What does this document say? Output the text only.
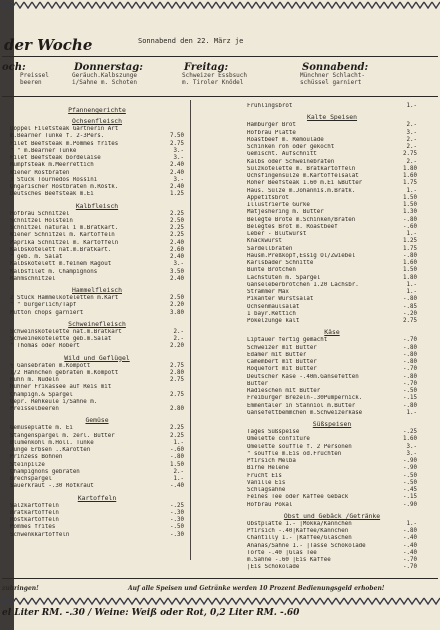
der Woche	Sonnabend den 22. März je
och:
Preissel
beeren
Donnerstag:
Geräuch.Kalbszunge
i/Sahne m. Schoten
Freitag:
Schweizer Essbsuch
m. Tiroler Knödel
Sonnabend:
Münchner Schlacht-
schüssel garniert
Pfannengerichte
Ochsenfleisch
Doppel Filetsteak Gärtnerin Art
m.Bearner Tunke f. 2-3Pers.	7.50
Filet Beefsteak m.Pommes frites	2.75
" " m.Bearner Tunke	3.-
Filet Beefsteak bordelaise	3.-
Rumpfsteak m.Meerrettich	2.40
Wiener Rostbraten	2.40
3 Stück Tournedos Rossini	3.-
Ungarischer Rostbraten m.Röstk.	2.40
Deutsches Beefsteak m.Ei	1.25
Kalbfleisch
Hofbräu Schnitzel	2.25
Schnitzel Holstein	2.50
Schnitzel natural i m.Bratkart.	2.25
Wiener Schnitzel m. Kartoffeln	2.25
Paprika Schnitzel m. Kartoffeln	2.40
Kalbskotelett nat.m.Bratkart.	2.60
" geb. m. Salat	2.40
Kalbskotelett m.feinem Ragout	3.-
Kalbsfilet m. Champignons	3.50
Rahmschnitzel	2.40
Hammelfleisch
2 Stück Hammelkoteletten m.Kart	2.50
" " bürgerlich/Tapf	2.20
Mutton chops garniert	3.80
Schweinefleisch
Schweinskotelette nat.m.Bratkart	2.-
Schweinekotelette geb.m.Salat	2.-
" Thomas oder Robert	2.20
Wild und Geflügel
½ Gänsebraten m.Kompott	2.75
1/2 Hähnchen gebraten m.Kompott	2.80
Huhn m. Nudeln	2.75
Hühner Frikassee auf Reis mit
Champign.& Spargel	2.75
Gepr. Rehkeule i/Sahne m.
Preisselbeeren	2.80
Gemüse
Gemüseplatte m. Ei	2.25
Stangenspargel m. zerl. Butter	2.25
Blumenkohl m.Holl. Tunke	1.-
Junge Erbsen ..Karotten	-.60
Prinzess Bohnen	-.80
Steinpilze	1.50
Champignons gebraten	2.-
Brechspargel	1.-
Sauerkraut -.30 Rotkraut	-.40
Kartoffeln
Salzkartoffeln	-.25
Bratkartoffeln	-.30
Röstkartoffeln	-.30
Pommes frites	-.50
Schwenkkartoffeln	-.30
Frühlingsbrot	1.-
Kalte Speisen
Hamburger Brot	2.-
Hofbräu Platte	3.-
Roastbeef m. Remoulade	2.-
Schinken roh oder gekocht	2.-
Gemischt. Aufschnitt	2.75
Kalbs oder Schweinebraten	2.-
Sülzkotelette m. Bratkartoffeln	1.80
Ochsfingensülze m.Kartoffelsalat	1.60
Roher Beefsteak 1.60 m.Ei &Butter	1.75
Haus. Sülze m.Johannis.m.Bratk.	1.-
Appetitsbrot	1.50
Illustrierte Gurke	1.50
Matjeshering m. Butter	1.30
Belegte Brote m.Schinken/Braten	-.80
Belegtes Brot m. Roastbeef	-.60
Leber - Blutwurst	1.-
Knackwurst	1.25
Sardellbraten	1.75
Hausm.Preßkopf,Essig Öl/Zwiebel	-.80
Karlsbader Schnitte	1.60
Bunte Brötchen	1.50
Lachstüten m. Spargel	1.80
Gänseleberbrötchen 1.20 Lachsbr.	1.-
Strammer Max	1.-
Pikanter Wurstsalat	-.80
Ochsenmaulsalat	-.85
1 bayr.Rettich	-.20
Pökelzunge kalt	2.75
Käse
Liptauer fertig gemacht	-.70
Schweizer mit Butter	-.80
Edamer mit Butter	-.80
Camembert mit Butter	-.80
Roquefort mit Butter	-.70
Deutscher Käse -.40m.Gänsefetten	-.80
Butter	-.70
Radieschen mit Butter	-.50
Freiburger Brezeln-.30Pumpernick.	-.15
Emmentaler in Stanniol m.Butter	-.80
Gänsefettbemmchen m.Schweizerkäse	1.-
Süßspeisen
Tages Süßspeise	-.25
Omelette confiture	1.60
Omelette soufflé f. 2 Personen	3.-
" soufflé m.Eis od.Früchten	3.-
Pfirsich Melba	-.90
Birne Helene	-.90
Frucht Eis	-.50
Vanille Eis	-.50
Schlagsahne	-.45
Feines Tee oder Kaffee Gebäck	-.15
Hofbräu Pokal	-.90
Obst und Gebäck /Getränke
Obstplatte 1.- │Mokka/Kännchen	1.-
Pfirsich -.40│Kaffee/Kännchen	-.80
Chantilly 1.- │Kaffee/Gläschen	-.40
Ananas/Sahne 1.- │Tasse Schokolade	-.40
Torte -.40 │Glas Tee	-.40
m.Sahne -.60 │Eis Kaffee	-.70
│Eis Schokolade	-.70
zubringen!	Auf alle Speisen und Getränke werden 10 Prozent Bedienungsgeld erhoben!
el Liter RM. -.30 / Weine: Weiß oder Rot, 0,2 Liter RM. -.60
